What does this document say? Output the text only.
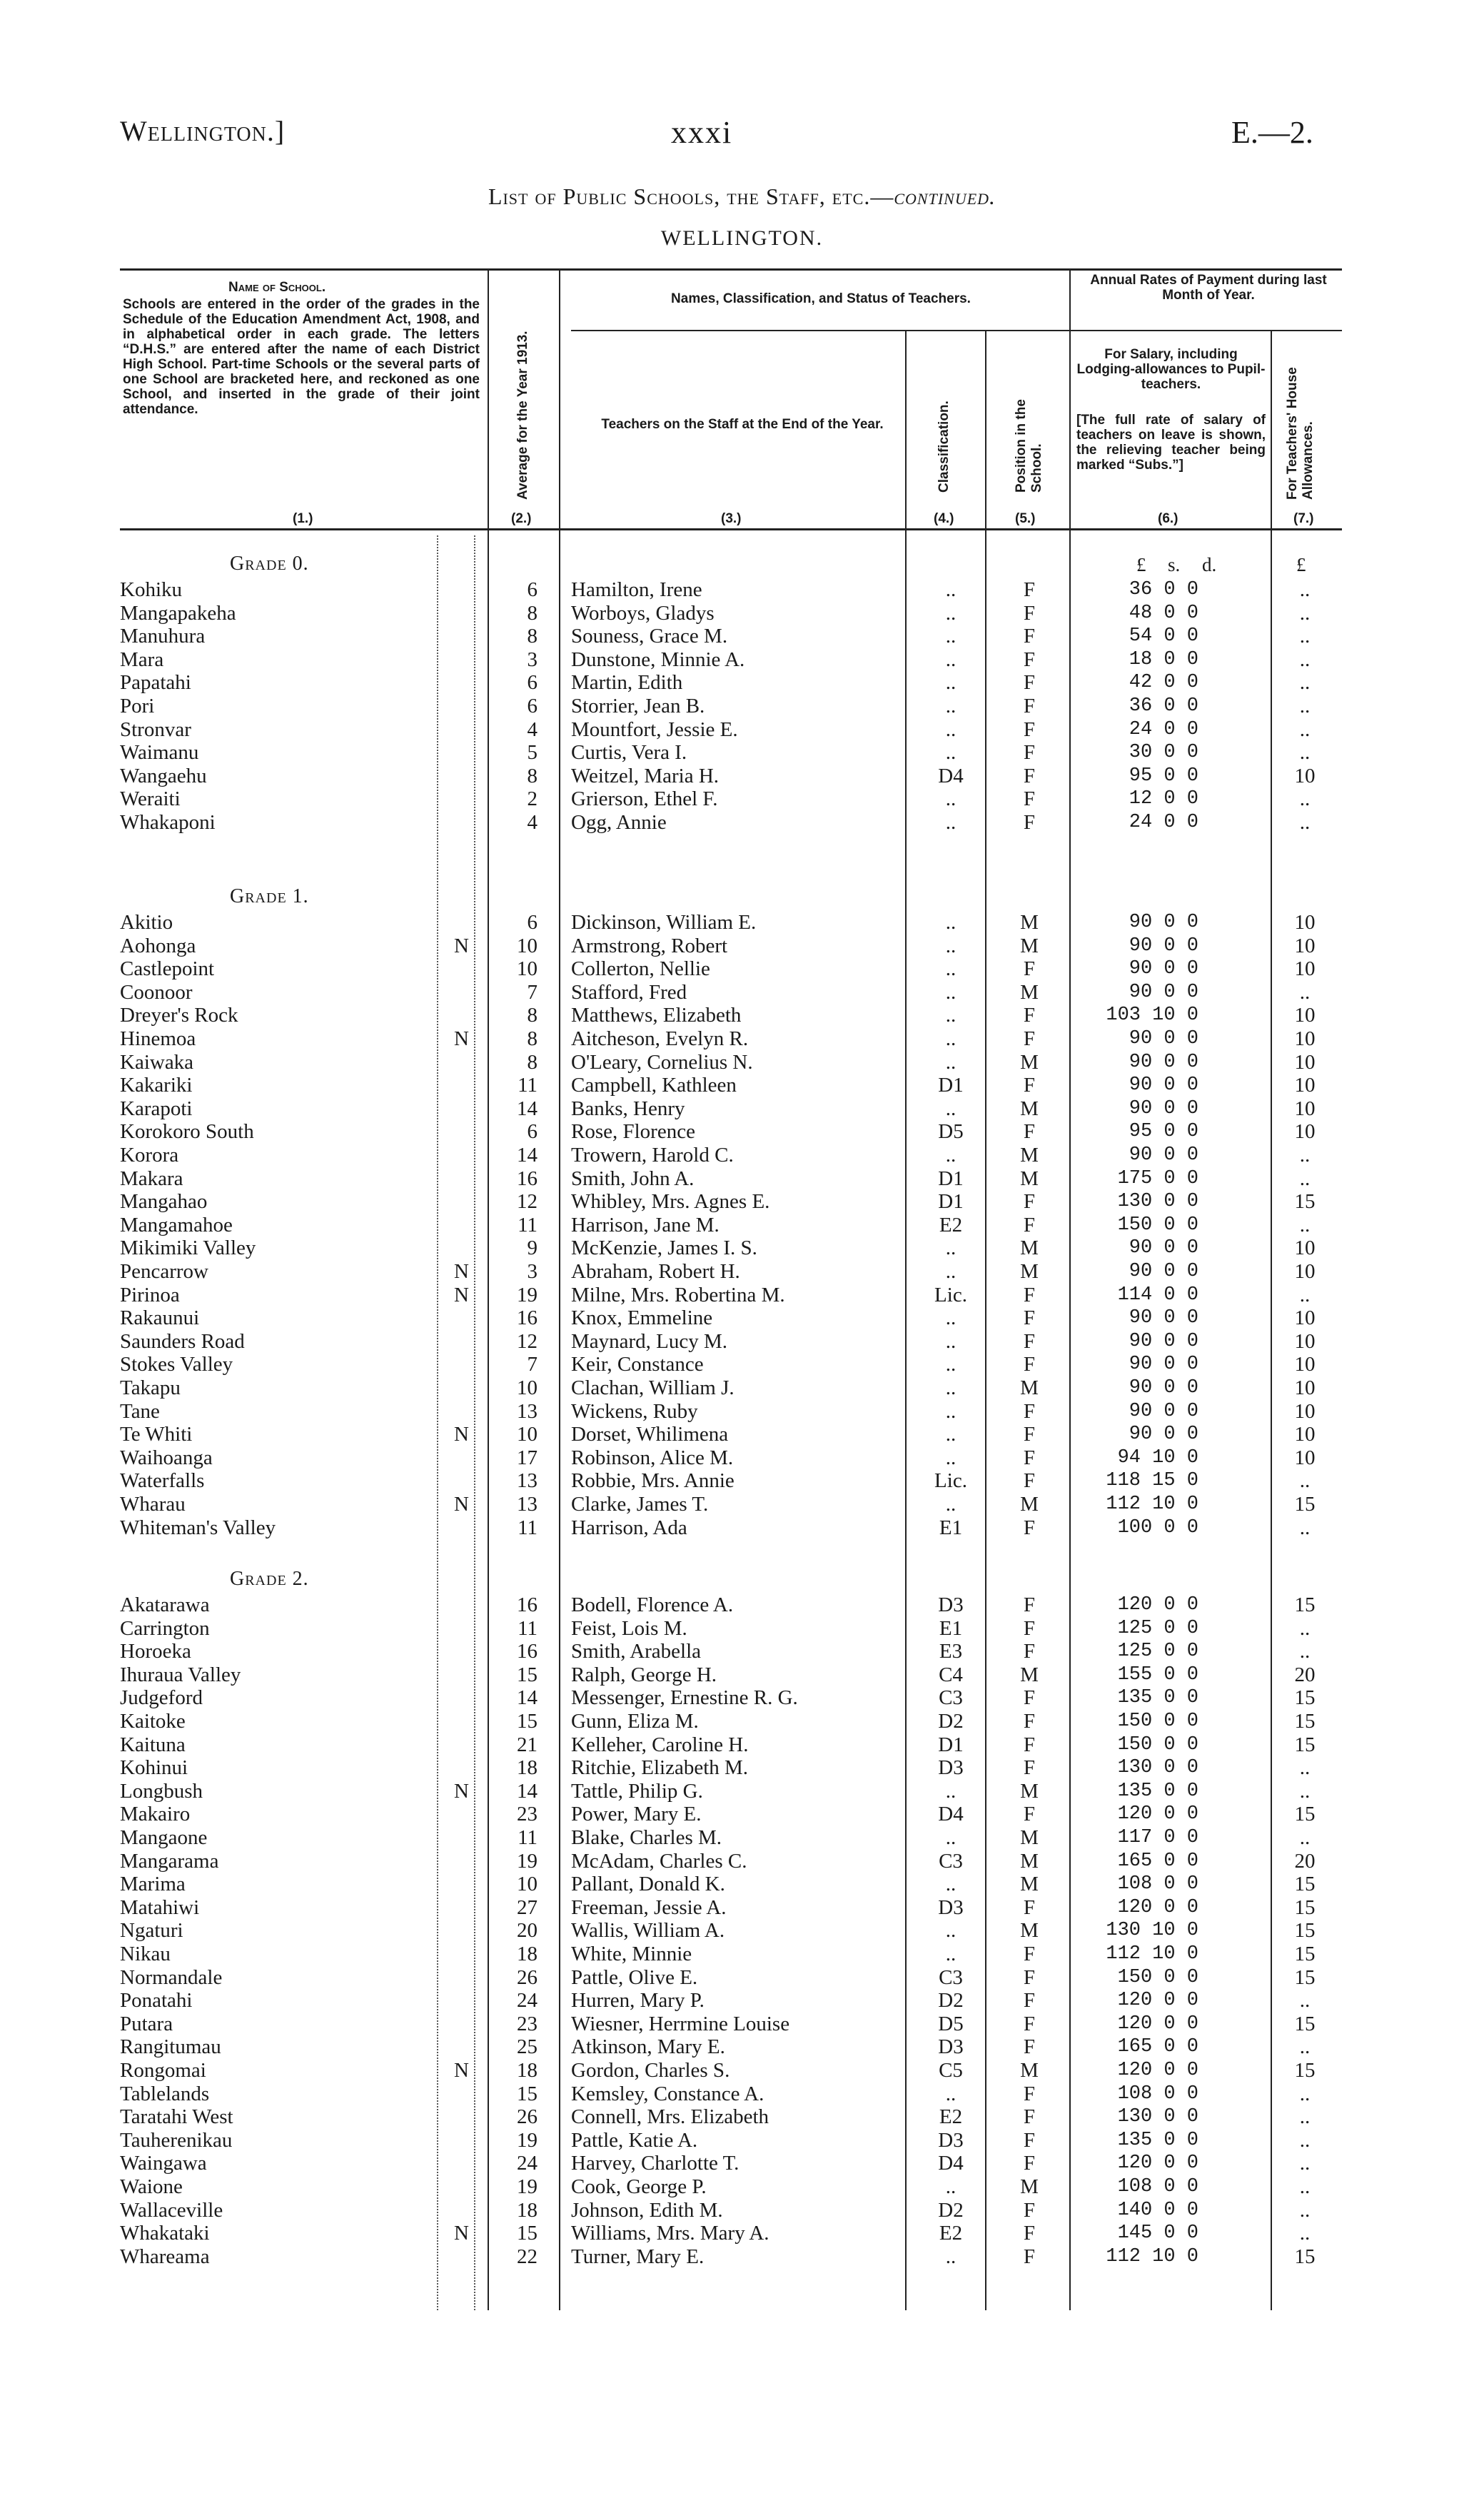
Wellington.]	xxxi	E.—2.
List of Public Schools, the Staff, etc.—continued.
WELLINGTON.
Name of School.
Schools are entered in the order of the grades in the Schedule of the Education Amendment Act, 1908, and in alphabetical order in each grade. The letters “D.H.S.” are entered after the name of each District High School. Part-time Schools or the several parts of one School are bracketed here, and reckoned as one School, and inserted in the grade of their joint attendance.	Average for the Year 1913.
Names, Classification, and Status of Teachers.
Teachers on the Staff at the End of the Year.	Classification.	Position in the School.
Annual Rates of Payment during last Month of Year.
For Salary, including Lodging-allowances to Pupil-teachers.
[The full rate of salary of teachers on leave is shown, the relieving teacher being marked “Subs.”]	For Teachers' House Allowances.
(1.)	(2.)	(3.)	(4.)	(5.)	(6.)	(7.)
£ s. d.	£
Grade 0.
Kohiku	6 Hamilton, Irene	..	F	36 0 0	..
Mangapakeha	8 Worboys, Gladys	..	F	48 0 0	..
Manuhura	8 Souness, Grace M.	..	F	54 0 0	..
Mara	3 Dunstone, Minnie A.	..	F	18 0 0	..
Papatahi	6 Martin, Edith	..	F	42 0 0	..
Pori	6 Storrier, Jean B.	..	F	36 0 0	..
Stronvar	4 Mountfort, Jessie E.	..	F	24 0 0	..
Waimanu	5 Curtis, Vera I.	..	F	30 0 0	..
Wangaehu	8 Weitzel, Maria H.	D4	F	95 0 0	10
Weraiti	2 Grierson, Ethel F.	..	F	12 0 0	..
Whakaponi	4 Ogg, Annie	..	F	24 0 0	..
Grade 1.
Akitio	6 Dickinson, William E.	..	M	90 0 0	10
Aohonga	N	10 Armstrong, Robert	..	M	90 0 0	10
Castlepoint	10 Collerton, Nellie	..	F	90 0 0	10
Coonoor	7 Stafford, Fred	..	M	90 0 0	..
Dreyer's Rock	8 Matthews, Elizabeth	..	F	103 10 0	10
Hinemoa	N	8 Aitcheson, Evelyn R.	..	F	90 0 0	10
Kaiwaka	8 O'Leary, Cornelius N.	..	M	90 0 0	10
Kakariki	11 Campbell, Kathleen	D1	F	90 0 0	10
Karapoti	14 Banks, Henry	..	M	90 0 0	10
Korokoro South	6 Rose, Florence	D5	F	95 0 0	10
Korora	14 Trowern, Harold C.	..	M	90 0 0	..
Makara	16 Smith, John A.	D1	M	175 0 0	..
Mangahao	12 Whibley, Mrs. Agnes E.	D1	F	130 0 0	15
Mangamahoe	11 Harrison, Jane M.	E2	F	150 0 0	..
Mikimiki Valley	9 McKenzie, James I. S.	..	M	90 0 0	10
Pencarrow	N	3 Abraham, Robert H.	..	M	90 0 0	10
Pirinoa	N	19 Milne, Mrs. Robertina M.	Lic.	F	114 0 0	..
Rakaunui	16 Knox, Emmeline	..	F	90 0 0	10
Saunders Road	12 Maynard, Lucy M.	..	F	90 0 0	10
Stokes Valley	7 Keir, Constance	..	F	90 0 0	10
Takapu	10 Clachan, William J.	..	M	90 0 0	10
Tane	13 Wickens, Ruby	..	F	90 0 0	10
Te Whiti	N	10 Dorset, Whilimena	..	F	90 0 0	10
Waihoanga	17 Robinson, Alice M.	..	F	94 10 0	10
Waterfalls	13 Robbie, Mrs. Annie	Lic.	F	118 15 0	..
Wharau	N	13 Clarke, James T.	..	M	112 10 0	15
Whiteman's Valley	11 Harrison, Ada	E1	F	100 0 0	..
Grade 2.
Akatarawa	16 Bodell, Florence A.	D3	F	120 0 0	15
Carrington	11 Feist, Lois M.	E1	F	125 0 0	..
Horoeka	16 Smith, Arabella	E3	F	125 0 0	..
Ihuraua Valley	15 Ralph, George H.	C4	M	155 0 0	20
Judgeford	14 Messenger, Ernestine R. G.	C3	F	135 0 0	15
Kaitoke	15 Gunn, Eliza M.	D2	F	150 0 0	15
Kaituna	21 Kelleher, Caroline H.	D1	F	150 0 0	15
Kohinui	18 Ritchie, Elizabeth M.	D3	F	130 0 0	..
Longbush	N	14 Tattle, Philip G.	..	M	135 0 0	..
Makairo	23 Power, Mary E.	D4	F	120 0 0	15
Mangaone	11 Blake, Charles M.	..	M	117 0 0	..
Mangarama	19 McAdam, Charles C.	C3	M	165 0 0	20
Marima	10 Pallant, Donald K.	..	M	108 0 0	15
Matahiwi	27 Freeman, Jessie A.	D3	F	120 0 0	15
Ngaturi	20 Wallis, William A.	..	M	130 10 0	15
Nikau	18 White, Minnie	..	F	112 10 0	15
Normandale	26 Pattle, Olive E.	C3	F	150 0 0	15
Ponatahi	24 Hurren, Mary P.	D2	F	120 0 0	..
Putara	23 Wiesner, Herrmine Louise	D5	F	120 0 0	15
Rangitumau	25 Atkinson, Mary E.	D3	F	165 0 0	..
Rongomai	N	18 Gordon, Charles S.	C5	M	120 0 0	15
Tablelands	15 Kemsley, Constance A.	..	F	108 0 0	..
Taratahi West	26 Connell, Mrs. Elizabeth	E2	F	130 0 0	..
Tauherenikau	19 Pattle, Katie A.	D3	F	135 0 0	..
Waingawa	24 Harvey, Charlotte T.	D4	F	120 0 0	..
Waione	19 Cook, George P.	..	M	108 0 0	..
Wallaceville	18 Johnson, Edith M.	D2	F	140 0 0	..
Whakataki	N	15 Williams, Mrs. Mary A.	E2	F	145 0 0	..
Whareama	22 Turner, Mary E.	..	F	112 10 0	15
